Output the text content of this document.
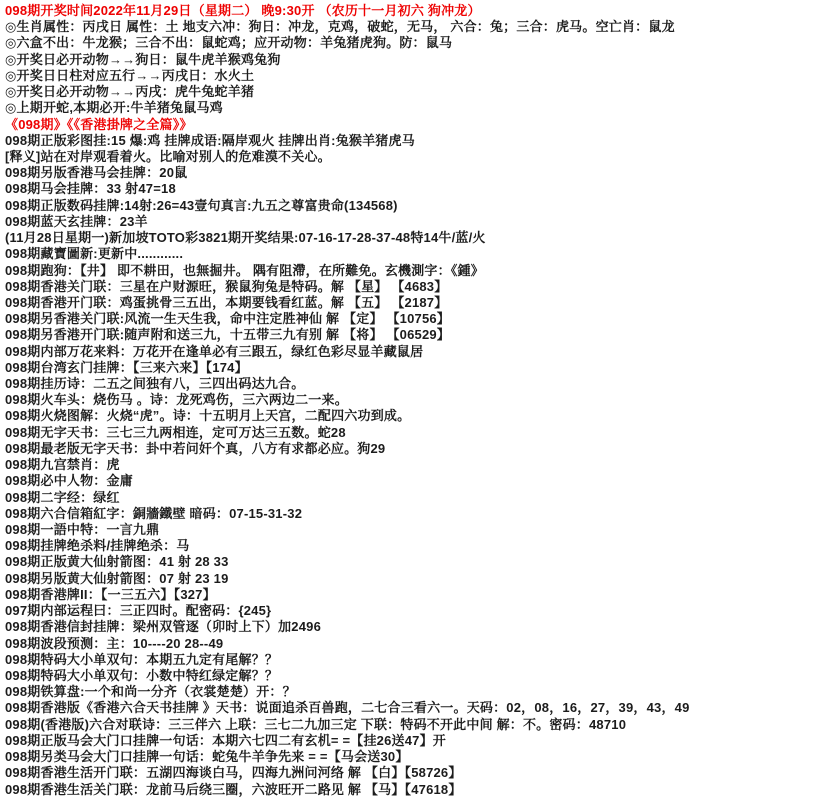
098期开奖时间2022年11月29日（星期二） 晚9:30开 （农历十一月初六 狗冲龙）
◎生肖属性：丙戌日 属性：土 地支六冲：狗日：冲龙，克鸡，破蛇，无马， 六合：兔；三合：虎马。空亡肖：鼠龙
◎六盒不出：牛龙猴；三合不出：鼠蛇鸡；应开动物：羊兔猪虎狗。防：鼠马
◎开奖日必开动物→→狗日：鼠牛虎羊猴鸡兔狗
◎开奖日日柱对应五行→→丙戌日：水火土
◎开奖日必开动物→→丙戌：虎牛兔蛇羊猪
◎上期开蛇,本期必开:牛羊猪兔鼠马鸡
《098期》《《香港掛牌之全篇》》
098期正版彩图挂:15 爆:鸡 挂牌成语:隔岸观火 挂牌出肖:兔猴羊猪虎马
[释义]站在对岸观看着火。比喻对别人的危难漠不关心。
098期另版香港马会挂牌：20鼠
098期马会挂牌：33 射47=18
098期正版数码挂牌:14射:26=43壹句真言:九五之尊富贵命(134568)
098期蓝天玄挂牌：23羊
(11月28日星期一)新加坡TOTO彩3821期开奖结果:07-16-17-28-37-48特14牛/蓝/火
098期藏寶圖新:更新中............
098期跑狗：【井】 即不耕田，也無掘井。 隅有阻滯，在所難免。玄機測字：《鍾》
098期香港关门联：三星在户财源旺，猴鼠狗兔是特码。解 【星】 【4683】
098期香港开门联：鸡蛋挑骨三五出，本期要钱看红蓝。解 【五】 【2187】
098期另香港关门联:风流一生天生我，命中注定胜神仙 解 【定】 【10756】
098期另香港开门联:随声附和送三九，十五带三九有别 解 【将】 【06529】
098期内部万花来料：万花开在逢单必有三跟五，绿红色彩尽显羊藏鼠居
098期台湾玄门挂牌：【三来六来】【174】
098期挂历诗：二五之间独有八，三四出码达九合。
098期火车头：烧伤马 。诗：龙死鸡伤，三六两边二一来。
098期火烧图解：火烧“虎”。诗：十五明月上天宫，二配四六功到成。
098期无字天书：三七三九两相连，定可万达三五数。蛇28
098期最老版无字天书：卦中若问奸个真，八方有求都必应。狗29
098期九宫禁肖：虎
098期必中人物：金庸
098期二字经：绿红
098期六合信箱紅字：銅牆鐵壁 暗码：07-15-31-32
098期一語中特：一言九鼎
098期挂牌绝杀料/挂牌绝杀：马
098期正版黄大仙射箭图：41 射 28 33
098期另版黄大仙射箭图：07 射 23 19
098期香港牌II：【一三五六】【327】
097期内部运程曰：三正四时。配密码：{245}
098期香港信封挂牌：梁州双管逐（卯时上下）加2496
098期波段预测：主：10----20 28--49
098期特码大小单双句：本期五九定有尾解？？
098期特码大小单双句：小数中特红绿定解？？
098期铁算盘:一个和尚一分齐（衣裳楚楚）开：？
098期香港版《香港六合天书挂牌 》天书：说面追杀百兽跑，二七合三看六一。天码：02，08，16，27，39，43，49
098期(香港版)六合对联诗：三三伴六 上联：三七二九加三定 下联：特码不开此中间 解：不。密码：48710
098期正版马会大门口挂牌一句话：本期六七四二有玄机= =【挂26送47】开
098期另类马会大门口挂牌一句话：蛇兔牛羊争先来 = =【马会送30】
098期香港生活开门联：五湖四海谈白马，四海九洲问河络 解 【白】【58726】
098期香港生活关门联：龙前马后绕三圈，六波旺开二路见 解 【马】【47618】
